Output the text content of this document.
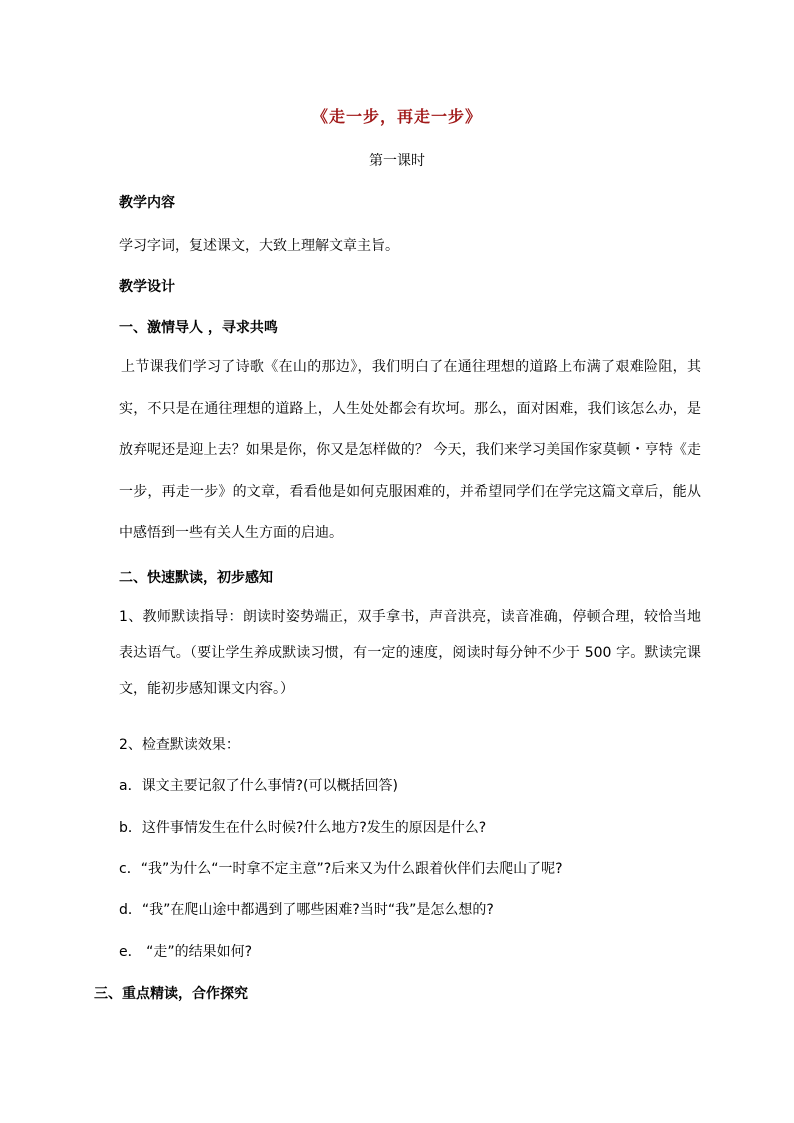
《走一步，再走一步》
第一课时
教学内容
学习字词，复述课文，大致上理解文章主旨。
教学设计
一、激情导人 ，寻求共鸣
上节课我们学习了诗歌《在山的那边》，我们明白了在通往理想的道路上布满了艰难险阻，其实，不只是在通往理想的道路上，人生处处都会有坎坷。那么，面对困难，我们该怎么办，是放弃呢还是迎上去？如果是你，你又是怎样做的？ 今天，我们来学习美国作家莫顿・亨特《走一步，再走一步》的文章，看看他是如何克服困难的，并希望同学们在学完这篇文章后，能从中感悟到一些有关人生方面的启迪。
二、快速默读，初步感知
1、教师默读指导：朗读时姿势端正，双手拿书，声音洪亮，读音准确，停顿合理，较恰当地表达语气。（要让学生养成默读习惯，有一定的速度，阅读时每分钟不少于 500 字。默读完课文，能初步感知课文内容。）
2、检查默读效果：
a．课文主要记叙了什么事情?(可以概括回答)
b．这件事情发生在什么时候?什么地方?发生的原因是什么?
c．“我”为什么“一时拿不定主意”?后来又为什么跟着伙伴们去爬山了呢?
d．“我”在爬山途中都遇到了哪些困难?当时“我”是怎么想的?
e． “走”的结果如何?
三、重点精读，合作探究
